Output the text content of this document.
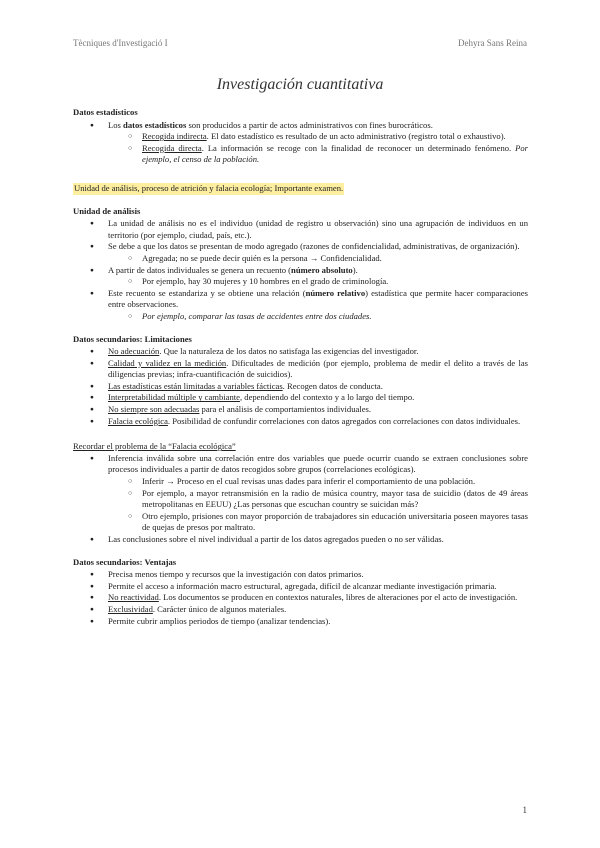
Tècniques d'Investigació I	Dehyra Sans Reina
Investigación cuantitativa
Datos estadísticos
● Los datos estadísticos son producidos a partir de actos administrativos con fines burocráticos.
○ Recogida indirecta. El dato estadístico es resultado de un acto administrativo (registro total o exhaustivo).
○ Recogida directa. La información se recoge con la finalidad de reconocer un determinado fenómeno. Por ejemplo, el censo de la población.
Unidad de análisis, proceso de atrición y falacia ecología; Importante examen.
Unidad de análisis
● La unidad de análisis no es el individuo (unidad de registro u observación) sino una agrupación de individuos en un territorio (por ejemplo, ciudad, país, etc.).
● Se debe a que los datos se presentan de modo agregado (razones de confidencialidad, administrativas, de organización).
○ Agregada; no se puede decir quién es la persona → Confidencialidad.
● A partir de datos individuales se genera un recuento (número absoluto).
○ Por ejemplo, hay 30 mujeres y 10 hombres en el grado de criminología.
● Este recuento se estandariza y se obtiene una relación (número relativo) estadística que permite hacer comparaciones entre observaciones.
○ Por ejemplo, comparar las tasas de accidentes entre dos ciudades.
Datos secundarios: Limitaciones
● No adecuación. Que la naturaleza de los datos no satisfaga las exigencias del investigador.
● Calidad y validez en la medición. Dificultades de medición (por ejemplo, problema de medir el delito a través de las diligencias previas; infra-cuantificación de suicidios).
● Las estadísticas están limitadas a variables fácticas. Recogen datos de conducta.
● Interpretabilidad múltiple y cambiante, dependiendo del contexto y a lo largo del tiempo.
● No siempre son adecuadas para el análisis de comportamientos individuales.
● Falacia ecológica. Posibilidad de confundir correlaciones con datos agregados con correlaciones con datos individuales.
Recordar el problema de la “Falacia ecológica”
● Inferencia inválida sobre una correlación entre dos variables que puede ocurrir cuando se extraen conclusiones sobre procesos individuales a partir de datos recogidos sobre grupos (correlaciones ecológicas).
○ Inferir → Proceso en el cual revisas unas dades para inferir el comportamiento de una población.
○ Por ejemplo, a mayor retransmisión en la radio de música country, mayor tasa de suicidio (datos de 49 áreas metropolitanas en EEUU) ¿Las personas que escuchan country se suicidan más?
○ Otro ejemplo, prisiones con mayor proporción de trabajadores sin educación universitaria poseen mayores tasas de quejas de presos por maltrato.
● Las conclusiones sobre el nivel individual a partir de los datos agregados pueden o no ser válidas.
Datos secundarios: Ventajas
● Precisa menos tiempo y recursos que la investigación con datos primarios.
● Permite el acceso a información macro estructural, agregada, difícil de alcanzar mediante investigación primaria.
● No reactividad. Los documentos se producen en contextos naturales, libres de alteraciones por el acto de investigación.
● Exclusividad. Carácter único de algunos materiales.
● Permite cubrir amplios periodos de tiempo (analizar tendencias).
1
